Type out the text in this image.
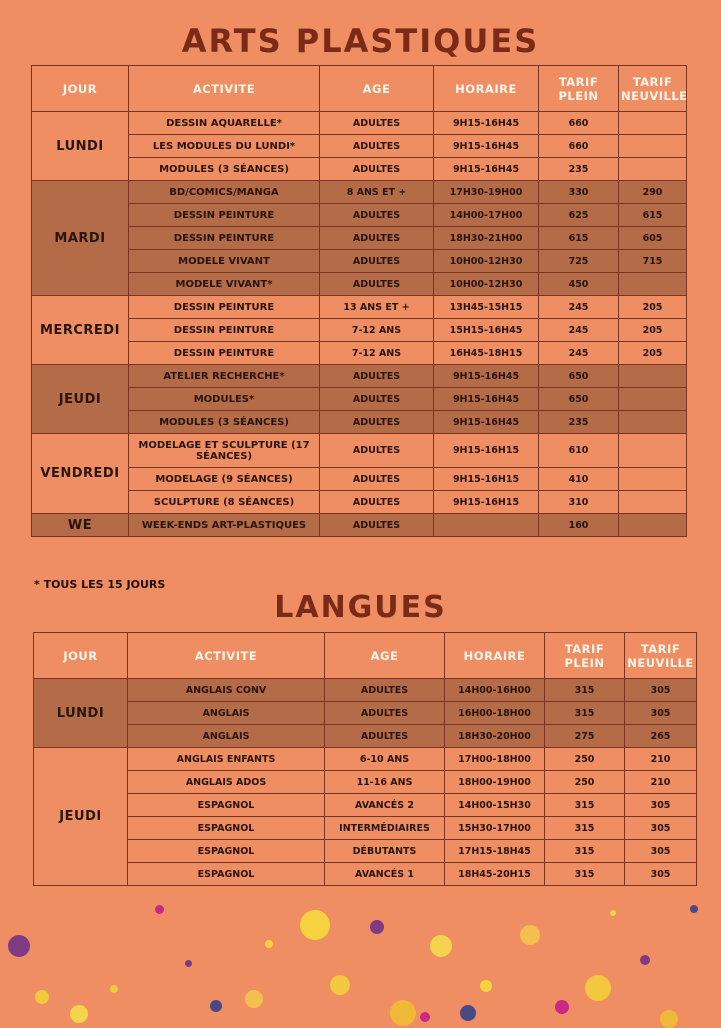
ARTS PLASTIQUES
JOUR	ACTIVITE	AGE	HORAIRE	TARIF PLEIN	TARIF NEUVILLE
LUNDI	DESSIN AQUARELLE*	ADULTES	9H15-16H45	660	
	LES MODULES DU LUNDI*	ADULTES	9H15-16H45	660	
	MODULES (3 SÉANCES)	ADULTES	9H15-16H45	235	
MARDI	BD/COMICS/MANGA	8 ANS ET +	17H30-19H00	330	290
	DESSIN PEINTURE	ADULTES	14H00-17H00	625	615
	DESSIN PEINTURE	ADULTES	18H30-21H00	615	605
	MODELE VIVANT	ADULTES	10H00-12H30	725	715
	MODELE VIVANT*	ADULTES	10H00-12H30	450	
MERCREDI	DESSIN PEINTURE	13 ANS ET +	13H45-15H15	245	205
	DESSIN PEINTURE	7-12 ANS	15H15-16H45	245	205
	DESSIN PEINTURE	7-12 ANS	16H45-18H15	245	205
JEUDI	ATELIER RECHERCHE*	ADULTES	9H15-16H45	650	
	MODULES*	ADULTES	9H15-16H45	650	
	MODULES (3 SÉANCES)	ADULTES	9H15-16H45	235	
VENDREDI	MODELAGE ET SCULPTURE (17 SÉANCES)	ADULTES	9H15-16H15	610	
	MODELAGE (9 SÉANCES)	ADULTES	9H15-16H15	410	
	SCULPTURE (8 SÉANCES)	ADULTES	9H15-16H15	310	
WE	WEEK-ENDS ART-PLASTIQUES	ADULTES		160	
* TOUS LES 15 JOURS
LANGUES
JOUR	ACTIVITE	AGE	HORAIRE	TARIF PLEIN	TARIF NEUVILLE
LUNDI	ANGLAIS CONV	ADULTES	14H00-16H00	315	305
	ANGLAIS	ADULTES	16H00-18H00	315	305
	ANGLAIS	ADULTES	18H30-20H00	275	265
JEUDI	ANGLAIS ENFANTS	6-10 ANS	17H00-18H00	250	210
	ANGLAIS ADOS	11-16 ANS	18H00-19H00	250	210
	ESPAGNOL	AVANCÉS 2	14H00-15H30	315	305
	ESPAGNOL	INTERMÉDIAIRES	15H30-17H00	315	305
	ESPAGNOL	DÉBUTANTS	17H15-18H45	315	305
	ESPAGNOL	AVANCÉS 1	18H45-20H15	315	305
